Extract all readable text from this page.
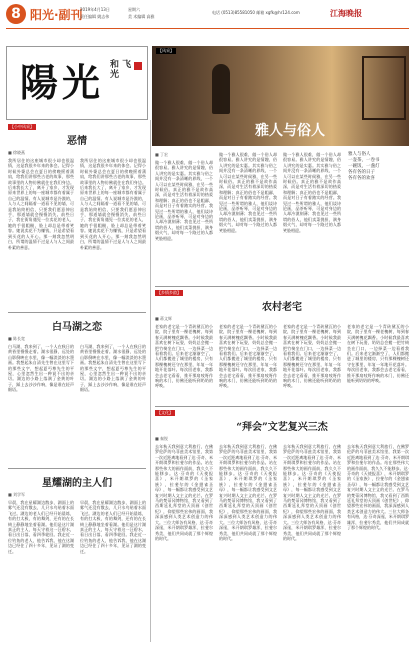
8 阳光·副刊
2019年4月13日
责任编辑 姚志伟
星期六
美 术编辑 高雅
电话 (0513)85581050 邮箱 xgfk@hr124.com	江海晚报
陽光 和 飞 光
【风采】
雅人与俗人
【小中风采】
恶情
■ 徐晓燕
我所居住的这座城市很小却也很温情，这是我很多年来的体会。记得小时候外婆总会在夏日的傍晚摇着蒲扇，给我们讲那些古老的故事，那些故事里的人物仿佛就住在我们身边。后来我长大了，离开了家乡，才发现原来世界上的每一座城市都有着属于自己的温情。有人说城市是冷漠的，人与人之间隔着一道看不见的墙，可是我始终相信，只要我们愿意伸出手，那道墙就会慢慢消失。前些日子，我在街角遇见一位卖花的老人，她的手很粗糙，脸上却总是带着笑容。她说卖花不为赚钱，只是希望看到买花的人开心。那一刻我忽然明白，所谓的温情不过是人与人之间最朴素的善意。
我所居住的这座城市很小却也很温情，这是我很多年来的体会。记得小时候外婆总会在夏日的傍晚摇着蒲扇，给我们讲那些古老的故事，那些故事里的人物仿佛就住在我们身边。后来我长大了，离开了家乡，才发现原来世界上的每一座城市都有着属于自己的温情。有人说城市是冷漠的，人与人之间隔着一道看不见的墙，可是我始终相信，只要我们愿意伸出手，那道墙就会慢慢消失。前些日子，我在街角遇见一位卖花的老人，她的手很粗糙，脸上却总是带着笑容。她说卖花不为赚钱，只是希望看到买花的人开心。那一刻我忽然明白，所谓的温情不过是人与人之间最朴素的善意。
白马湖之恋
■ 陈长宽
白马湖，我来到了，一个人在秋日的黄昏里慢慢走着。湖水很静，远处的山影倒映在水里，像一幅淡淡的水墨画。我想起朱自清先生曾在这里写下的那些文字，想起夏丏尊先生的平屋，心里忽然生出一种说不出的亲切。湖边的小路上落满了金黄的叶子，踩上去沙沙作响，像是谁在轻声细语。
白马湖，我来到了，一个人在秋日的黄昏里慢慢走着。湖水很静，远处的山影倒映在水里，像一幅淡淡的水墨画。我想起朱自清先生曾在这里写下的那些文字，想起夏丏尊先生的平屋，心里忽然生出一种说不出的亲切。湖边的小路上落满了金黄的叶子，踩上去沙沙作响，像是谁在轻声细语。
星耀湖的主人们
■ 刘学军
早晨，我在星耀湖边散步，湖面上的雾气还没有散去，几只水鸟贴着水面飞过。湖边的老人们已经开始晨练，有的打太极，有的舞剑，还有的在长椅上静静地坐着看湖。他们是这片湖真正的主人，每天守着这一汪碧水，看日出日落，看四季轮回。我走近一位钓鱼的老人，他告诉我，他在这湖边已经住了四十多年，见证了湖的变迁。
早晨，我在星耀湖边散步，湖面上的雾气还没有散去，几只水鸟贴着水面飞过。湖边的老人们已经开始晨练，有的打太极，有的舞剑，还有的在长椅上静静地坐着看湖。他们是这片湖真正的主人，每天守着这一汪碧水，看日出日落，看四季轮回。我走近一位钓鱼的老人，他告诉我，他在这湖边已经住了四十多年，见证了湖的变迁。
■ 丁宏
做一个雅人很难，做一个俗人却很容易。雅人讲究的是情趣，俗人讲究的是实惠。其实雅与俗之间并没有一条清晰的界线，一个人可以在某些时候雅，在另一些时候俗。真正的雅不是故作高深，而是对生活有着深切的热爱和理解；真正的俗也不是粗鄙，而是对日子有着踏实的经营。我见过一些所谓的雅人，他们谈诗论画，品茶听琴，可是对身边的人却冷漠刻薄；我也见过一些所谓的俗人，他们卖菜挑担，满身烟火气，却对每一个路过的人都笑脸相迎。
做一个雅人很难，做一个俗人却很容易。雅人讲究的是情趣，俗人讲究的是实惠。其实雅与俗之间并没有一条清晰的界线，一个人可以在某些时候雅，在另一些时候俗。真正的雅不是故作高深，而是对生活有着深切的热爱和理解；真正的俗也不是粗鄙，而是对日子有着踏实的经营。我见过一些所谓的雅人，他们谈诗论画，品茶听琴，可是对身边的人却冷漠刻薄；我也见过一些所谓的俗人，他们卖菜挑担，满身烟火气，却对每一个路过的人都笑脸相迎。
做一个雅人很难，做一个俗人却很容易。雅人讲究的是情趣，俗人讲究的是实惠。其实雅与俗之间并没有一条清晰的界线，一个人可以在某些时候雅，在另一些时候俗。真正的雅不是故作高深，而是对生活有着深切的热爱和理解；真正的俗也不是粗鄙，而是对日子有着踏实的经营。我见过一些所谓的雅人，他们谈诗论画，品茶听琴，可是对身边的人却冷漠刻薄；我也见过一些所谓的俗人，他们卖菜挑担，满身烟火气，却对每一个路过的人都笑脸相迎。
雅人与俗人
一壶茶，一卷书
一碗饭，一盏灯
各有各的日子
各有各的欢喜
【乡情乡韵】
农村老宅
■ 蒋文辉
老家的老宅是一个青砖黛瓦的小院，院子里有一棵老槐树，每到春天满树槐花飘香。小时候我最喜欢在树下玩耍，奶奶总会搬一把竹椅坐在门口，一边择菜一边看着我们。后来老宅渐渐空了，人们都搬进了城里的楼房，只有那棵槐树还守在那里，年复一年地开花落叶。每次回老家，我都会去老宅看看，推开那扇吱呀作响的木门，仿佛还能听到奶奶的呼唤。
老家的老宅是一个青砖黛瓦的小院，院子里有一棵老槐树，每到春天满树槐花飘香。小时候我最喜欢在树下玩耍，奶奶总会搬一把竹椅坐在门口，一边择菜一边看着我们。后来老宅渐渐空了，人们都搬进了城里的楼房，只有那棵槐树还守在那里，年复一年地开花落叶。每次回老家，我都会去老宅看看，推开那扇吱呀作响的木门，仿佛还能听到奶奶的呼唤。
老家的老宅是一个青砖黛瓦的小院，院子里有一棵老槐树，每到春天满树槐花飘香。小时候我最喜欢在树下玩耍，奶奶总会搬一把竹椅坐在门口，一边择菜一边看着我们。后来老宅渐渐空了，人们都搬进了城里的楼房，只有那棵槐树还守在那里，年复一年地开花落叶。每次回老家，我都会去老宅看看，推开那扇吱呀作响的木门，仿佛还能听到奶奶的呼唤。
老家的老宅是一个青砖黛瓦的小院，院子里有一棵老槐树，每到春天满树槐花飘香。小时候我最喜欢在树下玩耍，奶奶总会搬一把竹椅坐在门口，一边择菜一边看着我们。后来老宅渐渐空了，人们都搬进了城里的楼房，只有那棵槐树还守在那里，年复一年地开花落叶。每次回老家，我都会去老宅看看，推开那扇吱呀作响的木门，仿佛还能听到奶奶的呼唤。
【文化】
“拜会”文艺复兴三杰
■ 秦锐
去年秋天我到意大利旅行，在佛罗伦萨的乌菲兹美术馆里，我第一次近距离地看到了达·芬奇、米开朗琪罗和拉斐尔的作品。站在那些伟大的画作面前，我久久不能移步。达·芬奇的《天使报喜》，米开朗琪罗的《圣家族》，拉斐尔的《金翅雀圣母》，每一幅都让我感受到文艺复兴时期人文主义的光芒。在罗马的梵蒂冈博物馆，我又看到了西斯廷礼拜堂的天顶画《创世纪》，仰望那些宏伟的画面，我深深感到人类艺术创造力的伟大。三位大师各有风格，达·芬奇深邃，米开朗琪罗雄浑，拉斐尔秀美，他们共同成就了那个辉煌的时代。
去年秋天我到意大利旅行，在佛罗伦萨的乌菲兹美术馆里，我第一次近距离地看到了达·芬奇、米开朗琪罗和拉斐尔的作品。站在那些伟大的画作面前，我久久不能移步。达·芬奇的《天使报喜》，米开朗琪罗的《圣家族》，拉斐尔的《金翅雀圣母》，每一幅都让我感受到文艺复兴时期人文主义的光芒。在罗马的梵蒂冈博物馆，我又看到了西斯廷礼拜堂的天顶画《创世纪》，仰望那些宏伟的画面，我深深感到人类艺术创造力的伟大。三位大师各有风格，达·芬奇深邃，米开朗琪罗雄浑，拉斐尔秀美，他们共同成就了那个辉煌的时代。
去年秋天我到意大利旅行，在佛罗伦萨的乌菲兹美术馆里，我第一次近距离地看到了达·芬奇、米开朗琪罗和拉斐尔的作品。站在那些伟大的画作面前，我久久不能移步。达·芬奇的《天使报喜》，米开朗琪罗的《圣家族》，拉斐尔的《金翅雀圣母》，每一幅都让我感受到文艺复兴时期人文主义的光芒。在罗马的梵蒂冈博物馆，我又看到了西斯廷礼拜堂的天顶画《创世纪》，仰望那些宏伟的画面，我深深感到人类艺术创造力的伟大。三位大师各有风格，达·芬奇深邃，米开朗琪罗雄浑，拉斐尔秀美，他们共同成就了那个辉煌的时代。
去年秋天我到意大利旅行，在佛罗伦萨的乌菲兹美术馆里，我第一次近距离地看到了达·芬奇、米开朗琪罗和拉斐尔的作品。站在那些伟大的画作面前，我久久不能移步。达·芬奇的《天使报喜》，米开朗琪罗的《圣家族》，拉斐尔的《金翅雀圣母》，每一幅都让我感受到文艺复兴时期人文主义的光芒。在罗马的梵蒂冈博物馆，我又看到了西斯廷礼拜堂的天顶画《创世纪》，仰望那些宏伟的画面，我深深感到人类艺术创造力的伟大。三位大师各有风格，达·芬奇深邃，米开朗琪罗雄浑，拉斐尔秀美，他们共同成就了那个辉煌的时代。
